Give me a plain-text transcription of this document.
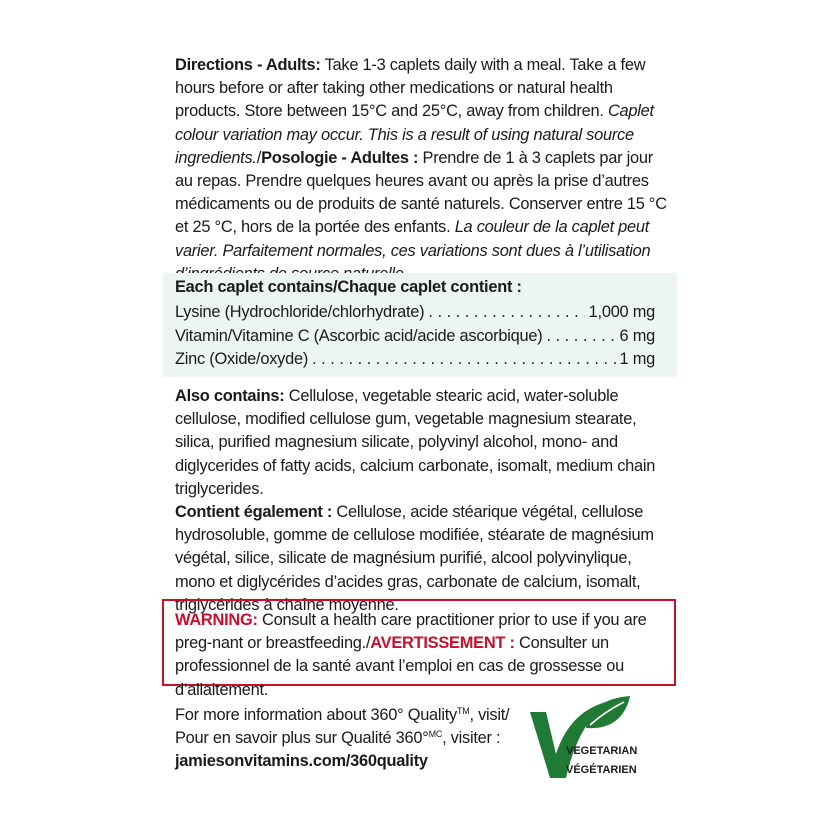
Directions - Adults: Take 1-3 caplets daily with a meal. Take a few hours before or after taking other medications or natural health products. Store between 15°C and 25°C, away from children. Caplet colour variation may occur. This is a result of using natural source ingredients./Posologie - Adultes : Prendre de 1 à 3 caplets par jour au repas. Prendre quelques heures avant ou après la prise d’autres médicaments ou de produits de santé naturels. Conserver entre 15 °C et 25 °C, hors de la portée des enfants. La couleur de la caplet peut varier. Parfaitement normales, ces variations sont dues à l’utilisation

Each caplet contains/Chaque caplet contient :
Lysine (Hydrochloride/chlorhydrate) . . .	1,000 mg
Vitamin/Vitamine C (Ascorbic acid/acide ascorbique) . . .	6 mg
Zinc (Oxide/oxyde) . . .	1 mg

Also contains: Cellulose, vegetable stearic acid, water-soluble cellulose, modified cellulose gum, vegetable magnesium stearate, silica, purified magnesium silicate, polyvinyl alcohol, mono- and diglycerides of fatty acids, calcium carbonate, isomalt, medium chain triglycerides.

Contient également : Cellulose, acide stéarique végétal, cellulose hydrosoluble, gomme de cellulose modifiée, stéarate de magnésium végétal, silice, silicate de magnésium purifié, alcool polyvinylique, mono et diglycérides d’acides gras, carbonate de calcium, isomalt, triglycérides à chaîne moyenne.

WARNING: Consult a health care practitioner prior to use if you are preg-nant or breastfeeding./AVERTISSEMENT : Consulter un professionnel de la santé avant l’emploi en cas de grossesse ou d’allaitement.

For more information about 360° Quality™, visit/
Pour en savoir plus sur Qualité 360°$^{MC}$, visiter :
jamiesonvitamins.com/360quality

VEGETARIAN
VÉGÉTARIEN
